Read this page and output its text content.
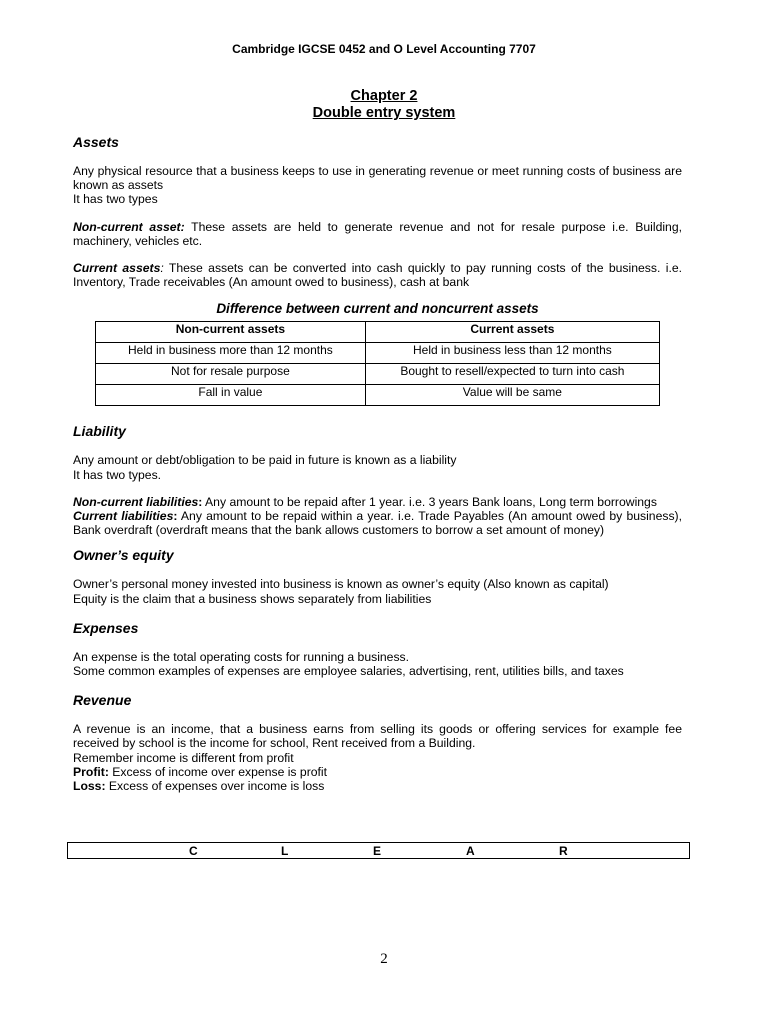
Cambridge IGCSE 0452 and O Level Accounting 7707
Chapter 2
Double entry system
Assets

Any physical resource that a business keeps to use in generating revenue or meet running costs of business are known as assets

It has two types

Non-current asset: These assets are held to generate revenue and not for resale purpose i.e. Building, machinery, vehicles etc.

Current assets: These assets can be converted into cash quickly to pay running costs of the business. i.e. Inventory, Trade receivables (An amount owed to business), cash at bank

Difference between current and noncurrent assets
Non-current assets	Current assets
Held in business more than 12 months	Held in business less than 12 months
Not for resale purpose	Bought to resell/expected to turn into cash
Fall in value	Value will be same
Liability

Any amount or debt/obligation to be paid in future is known as a liability

It has two types.

Non-current liabilities: Any amount to be repaid after 1 year. i.e. 3 years Bank loans, Long term borrowings

Current liabilities: Any amount to be repaid within a year. i.e. Trade Payables (An amount owed by business), Bank overdraft (overdraft means that the bank allows customers to borrow a set amount of money)

Owner’s equity

Owner’s personal money invested into business is known as owner’s equity (Also known as capital)

Equity is the claim that a business shows separately from liabilities

Expenses

An expense is the total operating costs for running a business.

Some common examples of expenses are employee salaries, advertising, rent, utilities bills, and taxes

Revenue

A revenue is an income, that a business earns from selling its goods or offering services for example fee received by school is the income for school, Rent received from a Building.

Remember income is different from profit

Profit: Excess of income over expense is profit

Loss: Excess of expenses over income is loss

C	L	E	A	R
2
